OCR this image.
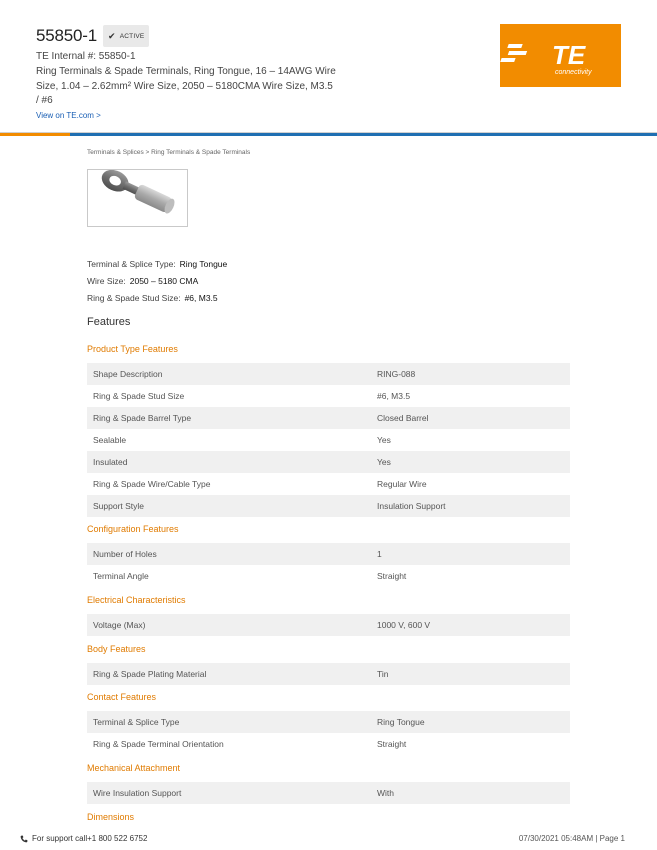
55850-1 ✔ ACTIVE
TE Internal #: 55850-1
Ring Terminals & Spade Terminals, Ring Tongue, 16 – 14AWG Wire Size, 1.04 – 2.62mm² Wire Size, 2050 – 5180CMA Wire Size, M3.5 / #6
View on TE.com >
TE
connectivity
Terminals & Splices > Ring Terminals & Spade Terminals
Terminal & Splice Type: Ring Tongue
Wire Size: 2050 – 5180 CMA
Ring & Spade Stud Size: #6, M3.5
Features
Product Type Features
Shape Description	RING-088
Ring & Spade Stud Size	#6, M3.5
Ring & Spade Barrel Type	Closed Barrel
Sealable	Yes
Insulated	Yes
Ring & Spade Wire/Cable Type	Regular Wire
Support Style	Insulation Support
Configuration Features
Number of Holes	1
Terminal Angle	Straight
Electrical Characteristics
Voltage (Max)	1000 V, 600 V
Body Features
Ring & Spade Plating Material	Tin
Contact Features
Terminal & Splice Type	Ring Tongue
Ring & Spade Terminal Orientation	Straight
Mechanical Attachment
Wire Insulation Support	With
Dimensions
For support call+1 800 522 6752	07/30/2021 05:48AM | Page 1
